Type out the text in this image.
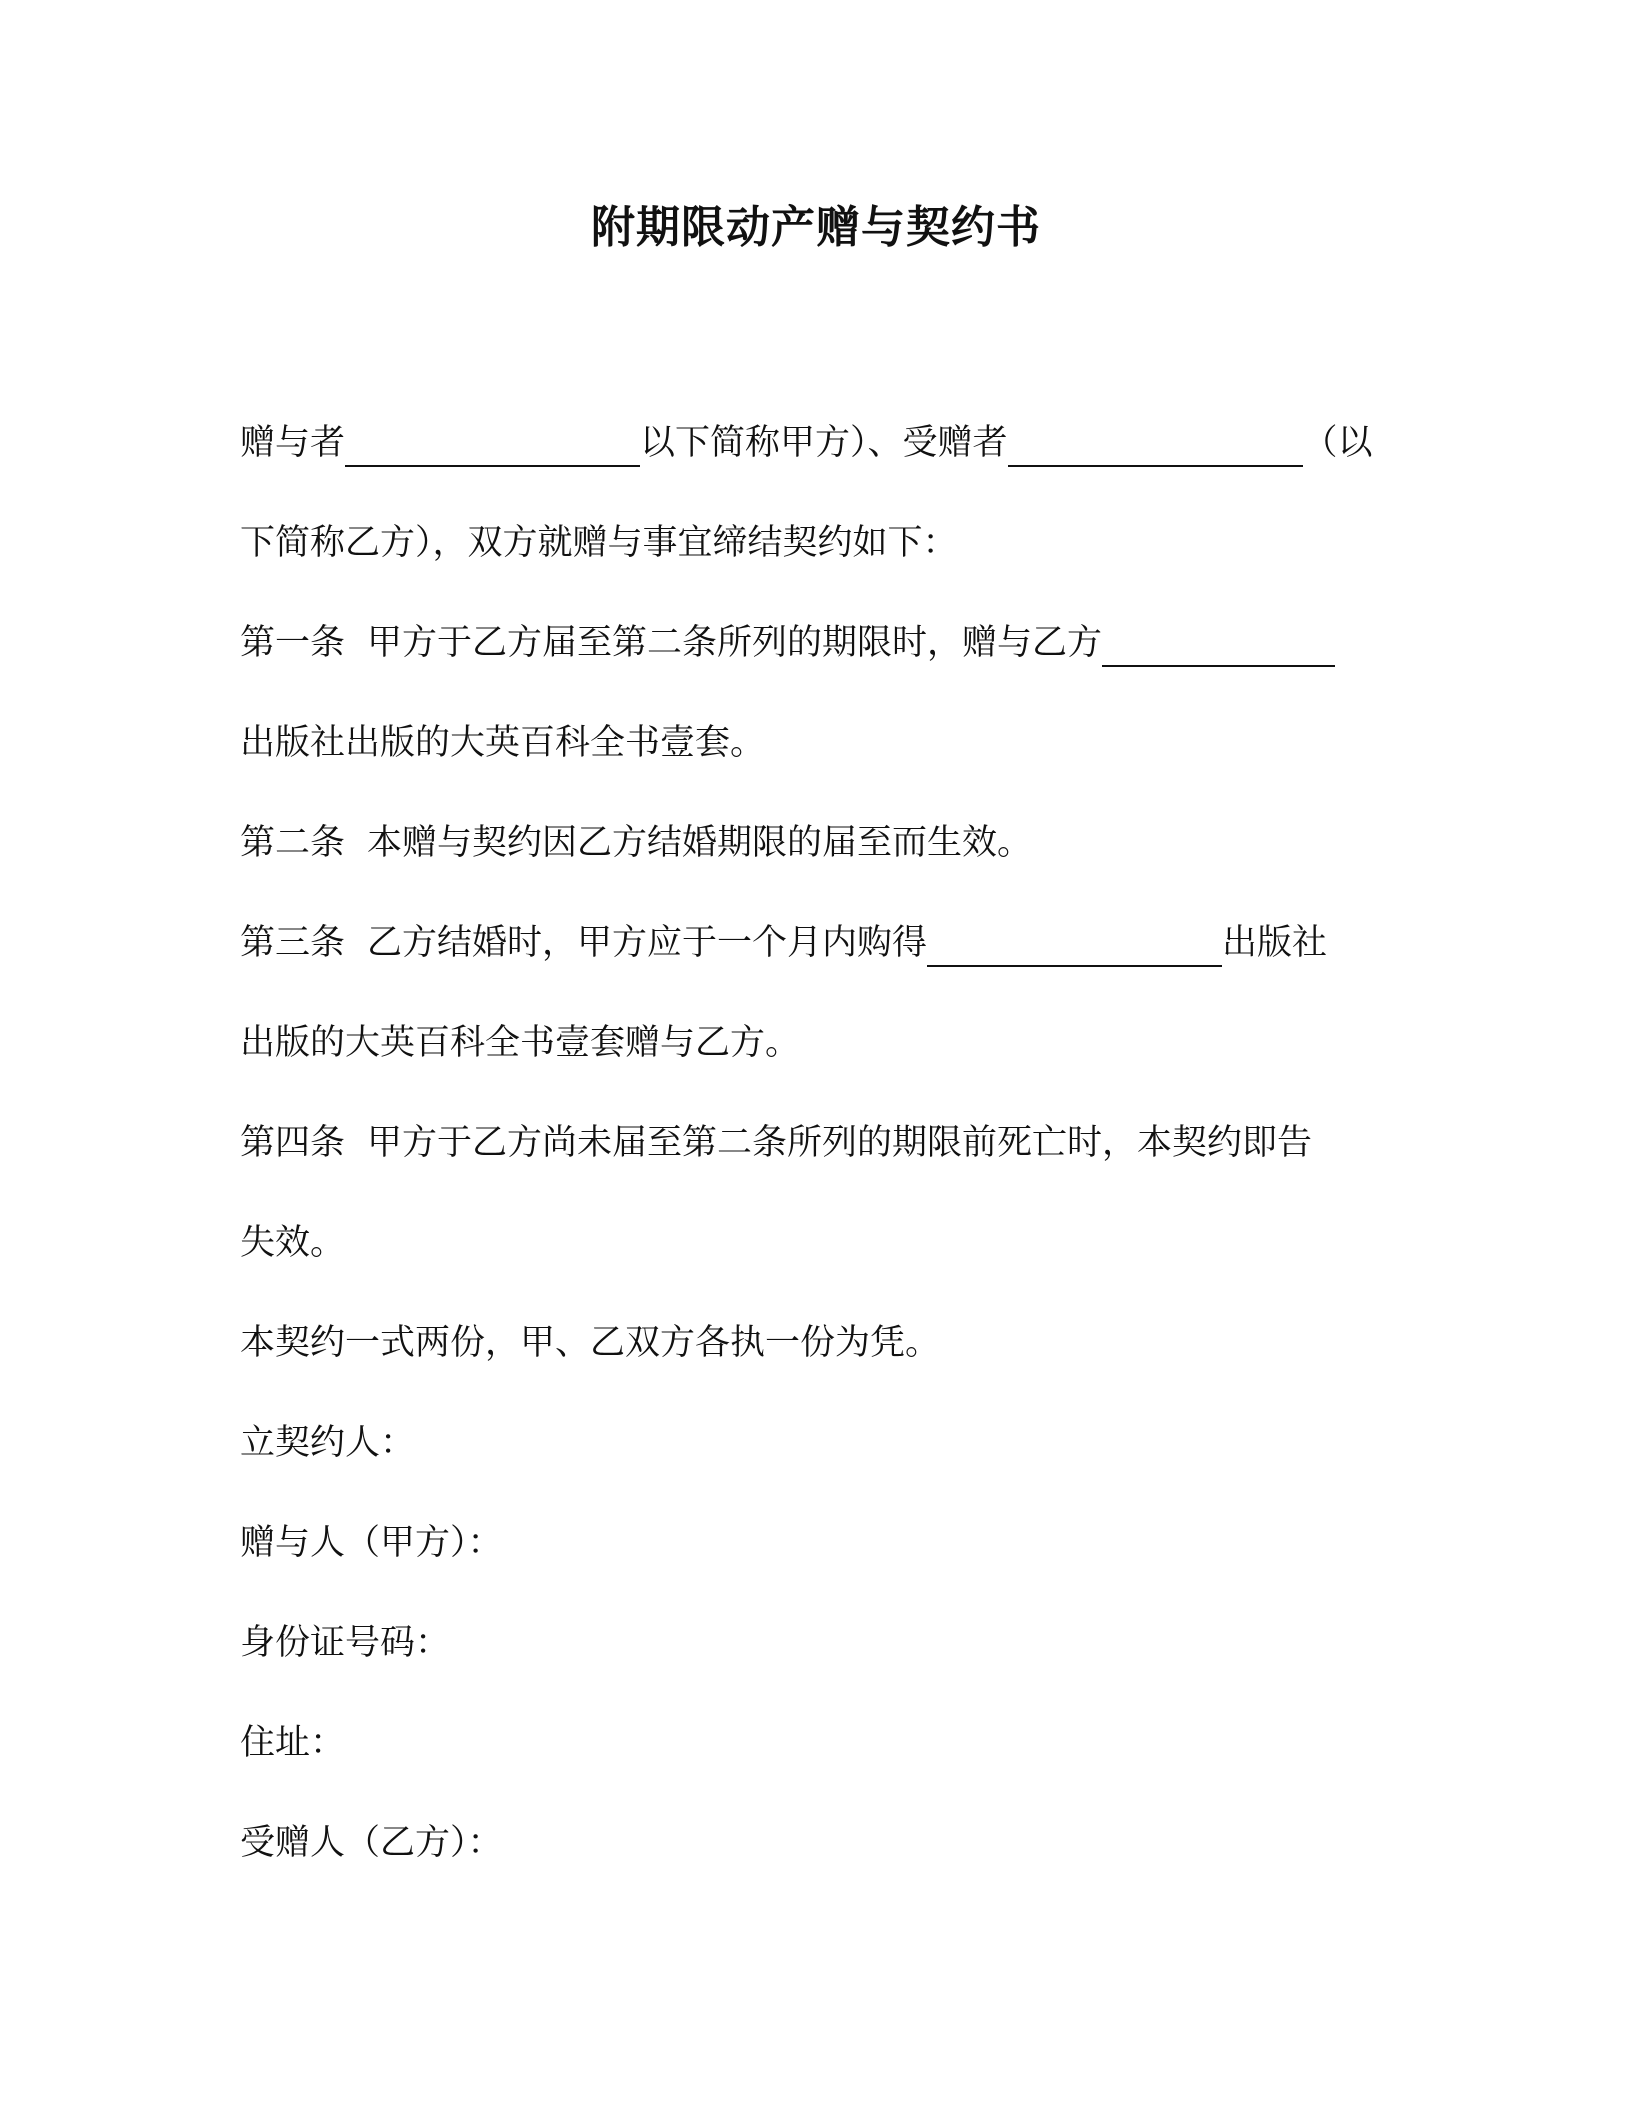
附期限动产赠与契约书
赠与者	以下简称甲方）、受赠者	（以
下简称乙方），双方就赠与事宜缔结契约如下：
第一条 甲方于乙方届至第二条所列的期限时，赠与乙方
出版社出版的大英百科全书壹套。
第二条 本赠与契约因乙方结婚期限的届至而生效。
第三条 乙方结婚时，甲方应于一个月内购得	出版社
出版的大英百科全书壹套赠与乙方。
第四条 甲方于乙方尚未届至第二条所列的期限前死亡时，本契约即告
失效。
本契约一式两份，甲、乙双方各执一份为凭。
立契约人：
赠与人（甲方）：
身份证号码：
住址：
受赠人（乙方）：
